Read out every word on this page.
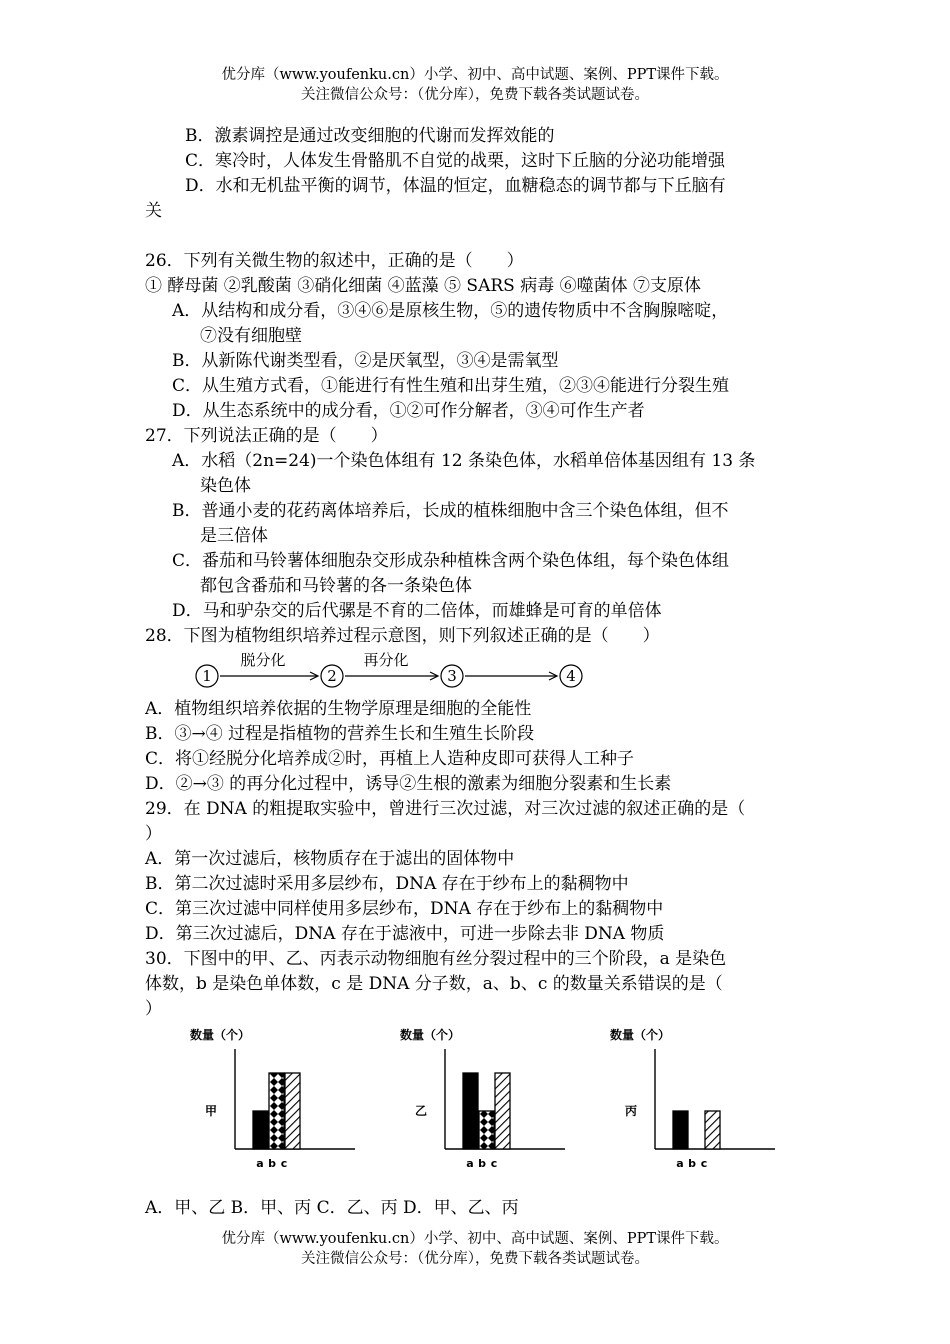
优分库（www.youfenku.cn）小学、初中、高中试题、案例、PPT课件下载。
关注微信公众号：（优分库），免费下载各类试题试卷。
B．激素调控是通过改变细胞的代谢而发挥效能的
C．寒冷时，人体发生骨骼肌不自觉的战栗，这时下丘脑的分泌功能增强
D．水和无机盐平衡的调节，体温的恒定，血糖稳态的调节都与下丘脑有
关
26．下列有关微生物的叙述中，正确的是（　　）
① 酵母菌 ②乳酸菌 ③硝化细菌 ④蓝藻 ⑤ SARS 病毒 ⑥噬菌体 ⑦支原体
A．从结构和成分看，③④⑥是原核生物，⑤的遗传物质中不含胸腺嘧啶，
⑦没有细胞壁
B．从新陈代谢类型看，②是厌氧型，③④是需氧型
C．从生殖方式看，①能进行有性生殖和出芽生殖，②③④能进行分裂生殖
D．从生态系统中的成分看，①②可作分解者，③④可作生产者
27．下列说法正确的是（　　）
A．水稻（2n=24)一个染色体组有 12 条染色体，水稻单倍体基因组有 13 条
染色体
B．普通小麦的花药离体培养后，长成的植株细胞中含三个染色体组，但不
是三倍体
C．番茄和马铃薯体细胞杂交形成杂种植株含两个染色体组，每个染色体组
都包含番茄和马铃薯的各一条染色体
D．马和驴杂交的后代骡是不育的二倍体，而雄蜂是可育的单倍体
28．下图为植物组织培养过程示意图，则下列叙述正确的是（　　）
1	2	3	4
脱分化	再分化
A．植物组织培养依据的生物学原理是细胞的全能性
B．③→④ 过程是指植物的营养生长和生殖生长阶段
C．将①经脱分化培养成②时，再植上人造种皮即可获得人工种子
D．②→③ 的再分化过程中，诱导②生根的激素为细胞分裂素和生长素
29．在 DNA 的粗提取实验中，曾进行三次过滤，对三次过滤的叙述正确的是（
）
A．第一次过滤后，核物质存在于滤出的固体物中
B．第二次过滤时采用多层纱布，DNA 存在于纱布上的黏稠物中
C．第三次过滤中同样使用多层纱布，DNA 存在于纱布上的黏稠物中
D．第三次过滤后，DNA 存在于滤液中，可进一步除去非 DNA 物质
30．下图中的甲、乙、丙表示动物细胞有丝分裂过程中的三个阶段，a 是染色
体数，b 是染色单体数，c 是 DNA 分子数，a、b、c 的数量关系错误的是（
）
数量（个）
甲
a b c
数量（个）
乙
a b c
数量（个）
丙
a b c
A．甲、乙 B．甲、丙 C．乙、丙 D．甲、乙、丙
优分库（www.youfenku.cn）小学、初中、高中试题、案例、PPT课件下载。
关注微信公众号：（优分库），免费下载各类试题试卷。
